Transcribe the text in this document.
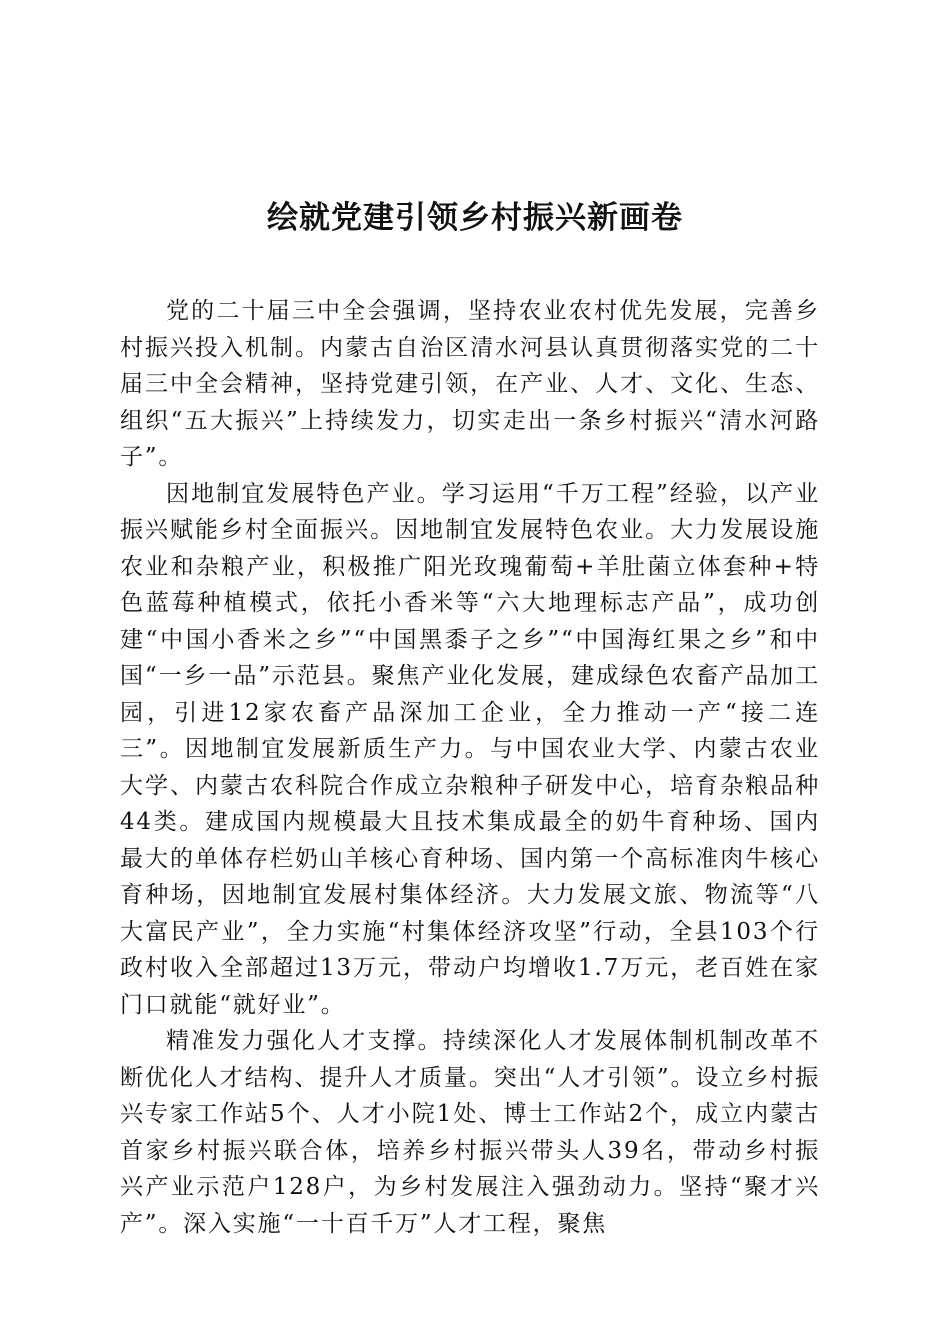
绘就党建引领乡村振兴新画卷

党的二十届三中全会强调，坚持农业农村优先发展，完善乡村振兴投入机制。内蒙古自治区清水河县认真贯彻落实党的二十届三中全会精神，坚持党建引领，在产业、人才、文化、生态、组织“五大振兴”上持续发力，切实走出一条乡村振兴“清水河路子”。

因地制宜发展特色产业。学习运用“千万工程”经验，以产业振兴赋能乡村全面振兴。因地制宜发展特色农业。大力发展设施农业和杂粮产业，积极推广阳光玫瑰葡萄+羊肚菌立体套种+特色蓝莓种植模式，依托小香米等“六大地理标志产品”，成功创建“中国小香米之乡”“中国黑黍子之乡”“中国海红果之乡”和中国“一乡一品”示范县。聚焦产业化发展，建成绿色农畜产品加工园，引进12家农畜产品深加工企业，全力推动一产“接二连三”。因地制宜发展新质生产力。与中国农业大学、内蒙古农业大学、内蒙古农科院合作成立杂粮种子研发中心，培育杂粮品种44类。建成国内规模最大且技术集成最全的奶牛育种场、国内最大的单体存栏奶山羊核心育种场、国内第一个高标准肉牛核心育种场，因地制宜发展村集体经济。大力发展文旅、物流等“八大富民产业”，全力实施“村集体经济攻坚”行动，全县103个行政村收入全部超过13万元，带动户均增收1.7万元，老百姓在家门口就能“就好业”。

精准发力强化人才支撑。持续深化人才发展体制机制改革不断优化人才结构、提升人才质量。突出“人才引领”。设立乡村振兴专家工作站5个、人才小院1处、博士工作站2个，成立内蒙古首家乡村振兴联合体，培养乡村振兴带头人39名，带动乡村振兴产业示范户128户，为乡村发展注入强劲动力。坚持“聚才兴产”。深入实施“一十百千万”人才工程，聚焦
